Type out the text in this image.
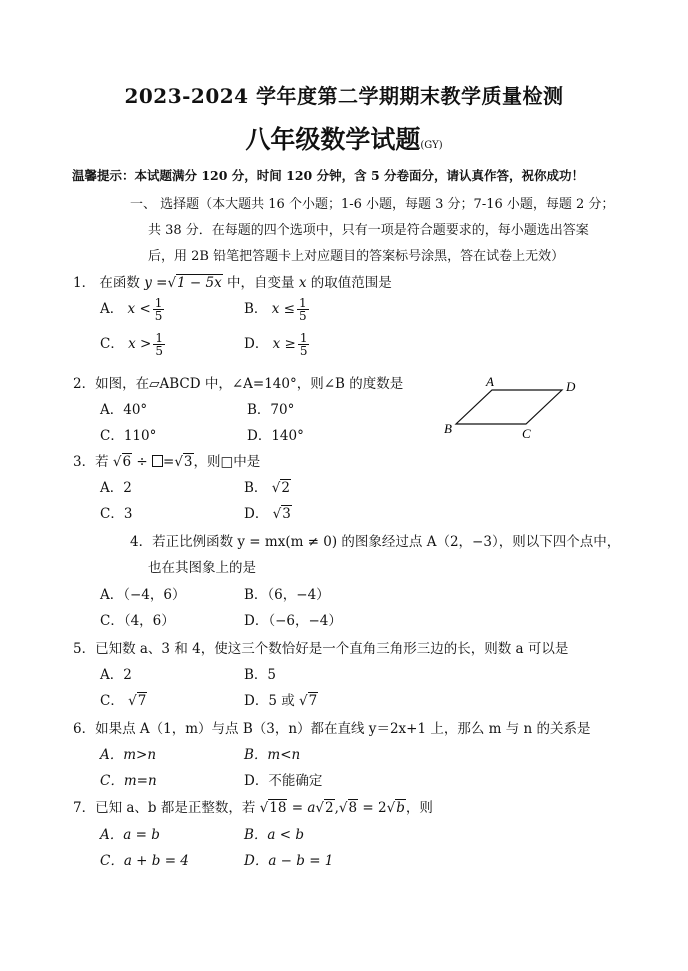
2023-2024 学年度第二学期期末教学质量检测
八年级数学试题(GY)
温馨提示：本试题满分 120 分，时间 120 分钟，含 5 分卷面分，请认真作答，祝你成功！
一、 选择题（本大题共 16 个小题；1-6 小题，每题 3 分；7-16 小题，每题 2 分；
共 38 分．在每题的四个选项中，只有一项是符合题要求的，每小题选出答案
后，用 2B 铅笔把答题卡上对应题目的答案标号涂黑，答在试卷上无效）
1． 在函数 y =√1 − 5x 中，自变量 x 的取值范围是
A． $x < \frac{1}{5}$	B． $x \le \frac{1}{5}$
C． $x > \frac{1}{5}$	D． $x \ge \frac{1}{5}$
2．如图，在▱ABCD 中，∠A=140°，则∠B 的度数是
A．40°	B．70°
C．110°	D．140°
A	D
B	C
3．若 √6 ÷ =√3，则□中是
A．2	B． √2
C．3	D． √3
4．若正比例函数 y = mx(m ≠ 0) 的图象经过点 A（2，−3），则以下四个点中，
也在其图象上的是
A．（−4，6）	B．（6，−4）
C．（4，6）	D．（−6，−4）
5．已知数 a、3 和 4，使这三个数恰好是一个直角三角形三边的长，则数 a 可以是
A．2	B．5
C． √7	D．5 或 √7
6．如果点 A（1，m）与点 B（3，n）都在直线 y＝2x+1 上，那么 m 与 n 的关系是
A．m>n	B．m<n
C．m=n	D．不能确定
7．已知 a、b 都是正整数，若 √18 = a√2,√8 = 2√b，则
A．a = b	B．a < b
C．a + b = 4	D．a − b = 1
